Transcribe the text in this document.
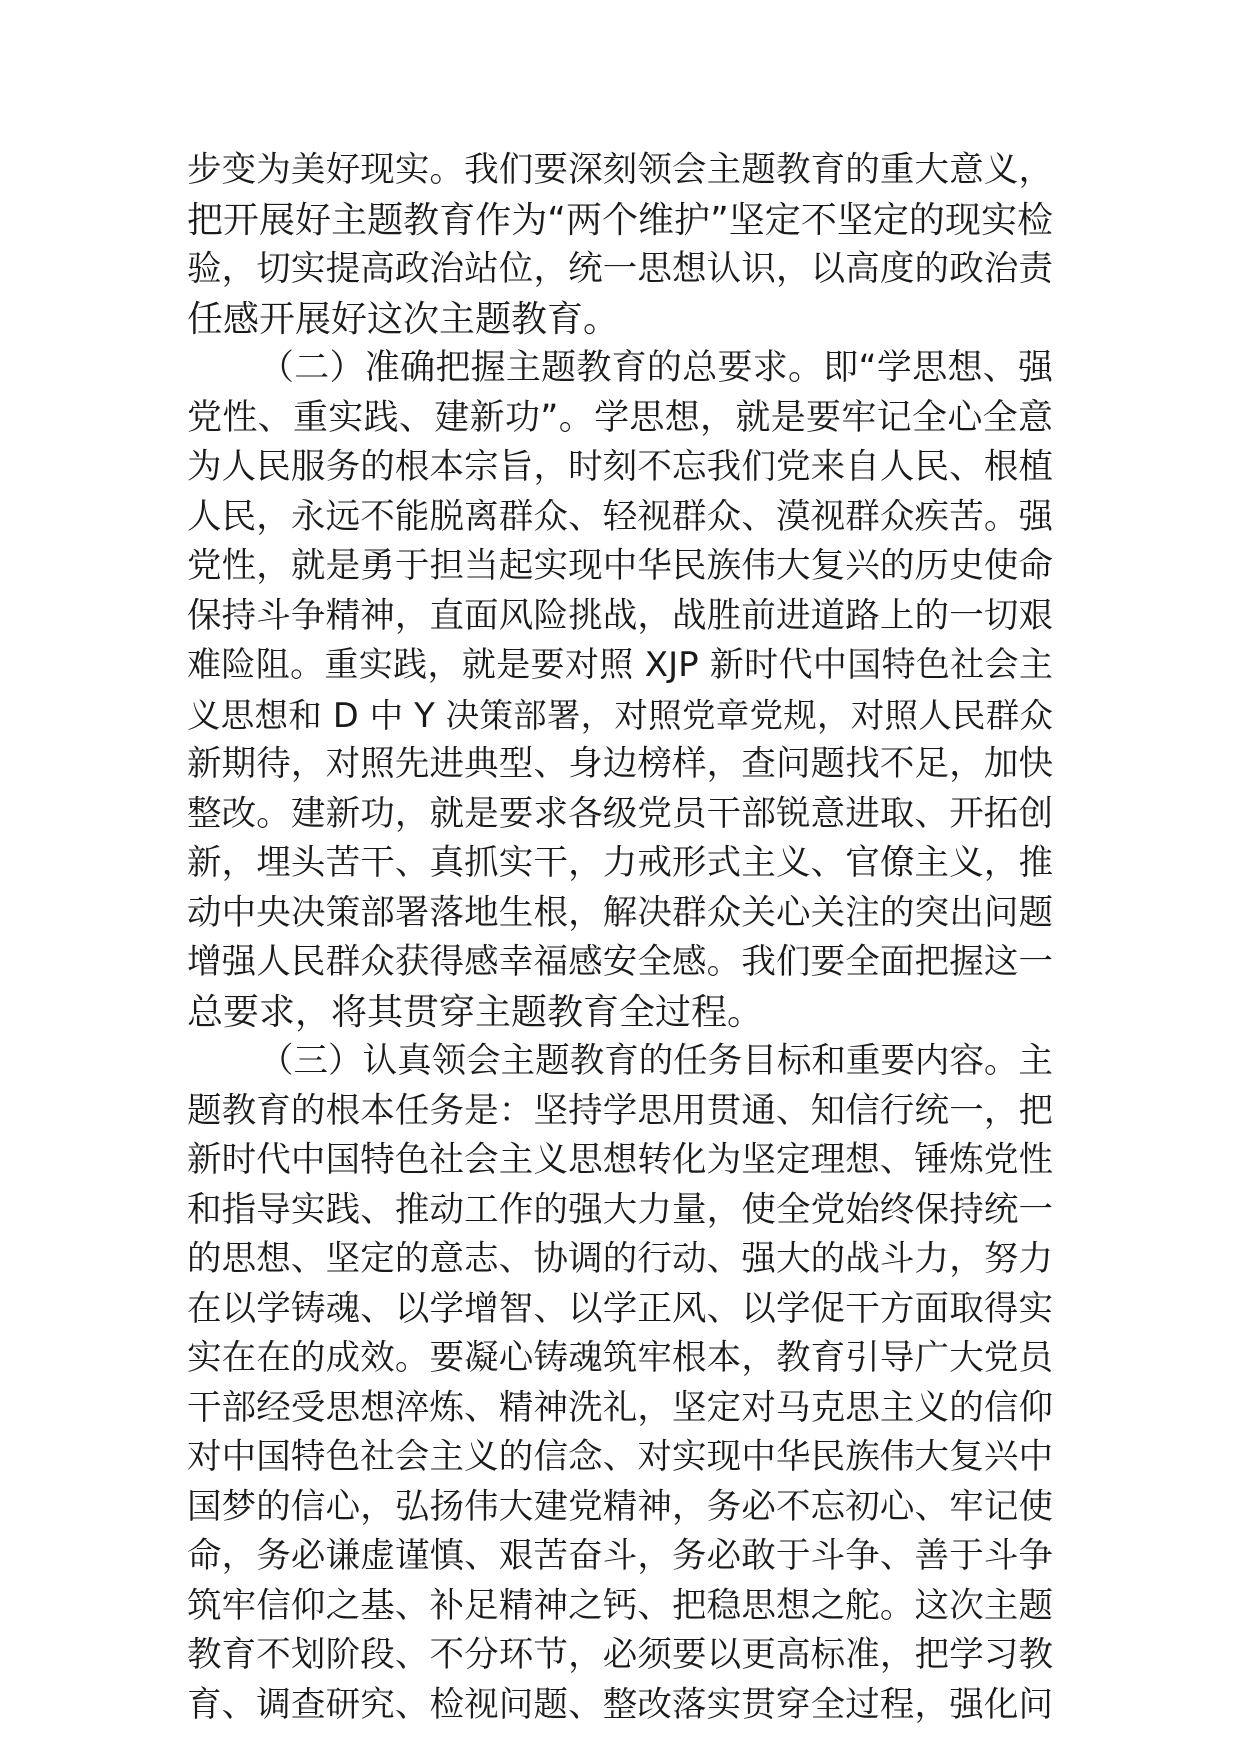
步变为美好现实。我们要深刻领会主题教育的重大意义，
把开展好主题教育作为“两个维护”坚定不坚定的现实检
验，切实提高政治站位，统一思想认识，以高度的政治责
任感开展好这次主题教育。
（二）准确把握主题教育的总要求。即“学思想、强
党性、重实践、建新功”。学思想，就是要牢记全心全意
为人民服务的根本宗旨，时刻不忘我们党来自人民、根植
人民，永远不能脱离群众、轻视群众、漠视群众疾苦。强
党性，就是勇于担当起实现中华民族伟大复兴的历史使命
保持斗争精神，直面风险挑战，战胜前进道路上的一切艰
难险阻。重实践，就是要对照 XJP 新时代中国特色社会主
义思想和 D 中 Y 决策部署，对照党章党规，对照人民群众
新期待，对照先进典型、身边榜样，查问题找不足，加快
整改。建新功，就是要求各级党员干部锐意进取、开拓创
新，埋头苦干、真抓实干，力戒形式主义、官僚主义，推
动中央决策部署落地生根，解决群众关心关注的突出问题
增强人民群众获得感幸福感安全感。我们要全面把握这一
总要求，将其贯穿主题教育全过程。
（三）认真领会主题教育的任务目标和重要内容。主
题教育的根本任务是：坚持学思用贯通、知信行统一，把
新时代中国特色社会主义思想转化为坚定理想、锤炼党性
和指导实践、推动工作的强大力量，使全党始终保持统一
的思想、坚定的意志、协调的行动、强大的战斗力，努力
在以学铸魂、以学增智、以学正风、以学促干方面取得实
实在在的成效。要凝心铸魂筑牢根本，教育引导广大党员
干部经受思想淬炼、精神洗礼，坚定对马克思主义的信仰
对中国特色社会主义的信念、对实现中华民族伟大复兴中
国梦的信心，弘扬伟大建党精神，务必不忘初心、牢记使
命，务必谦虚谨慎、艰苦奋斗，务必敢于斗争、善于斗争
筑牢信仰之基、补足精神之钙、把稳思想之舵。这次主题
教育不划阶段、不分环节，必须要以更高标准，把学习教
育、调查研究、检视问题、整改落实贯穿全过程，强化问
